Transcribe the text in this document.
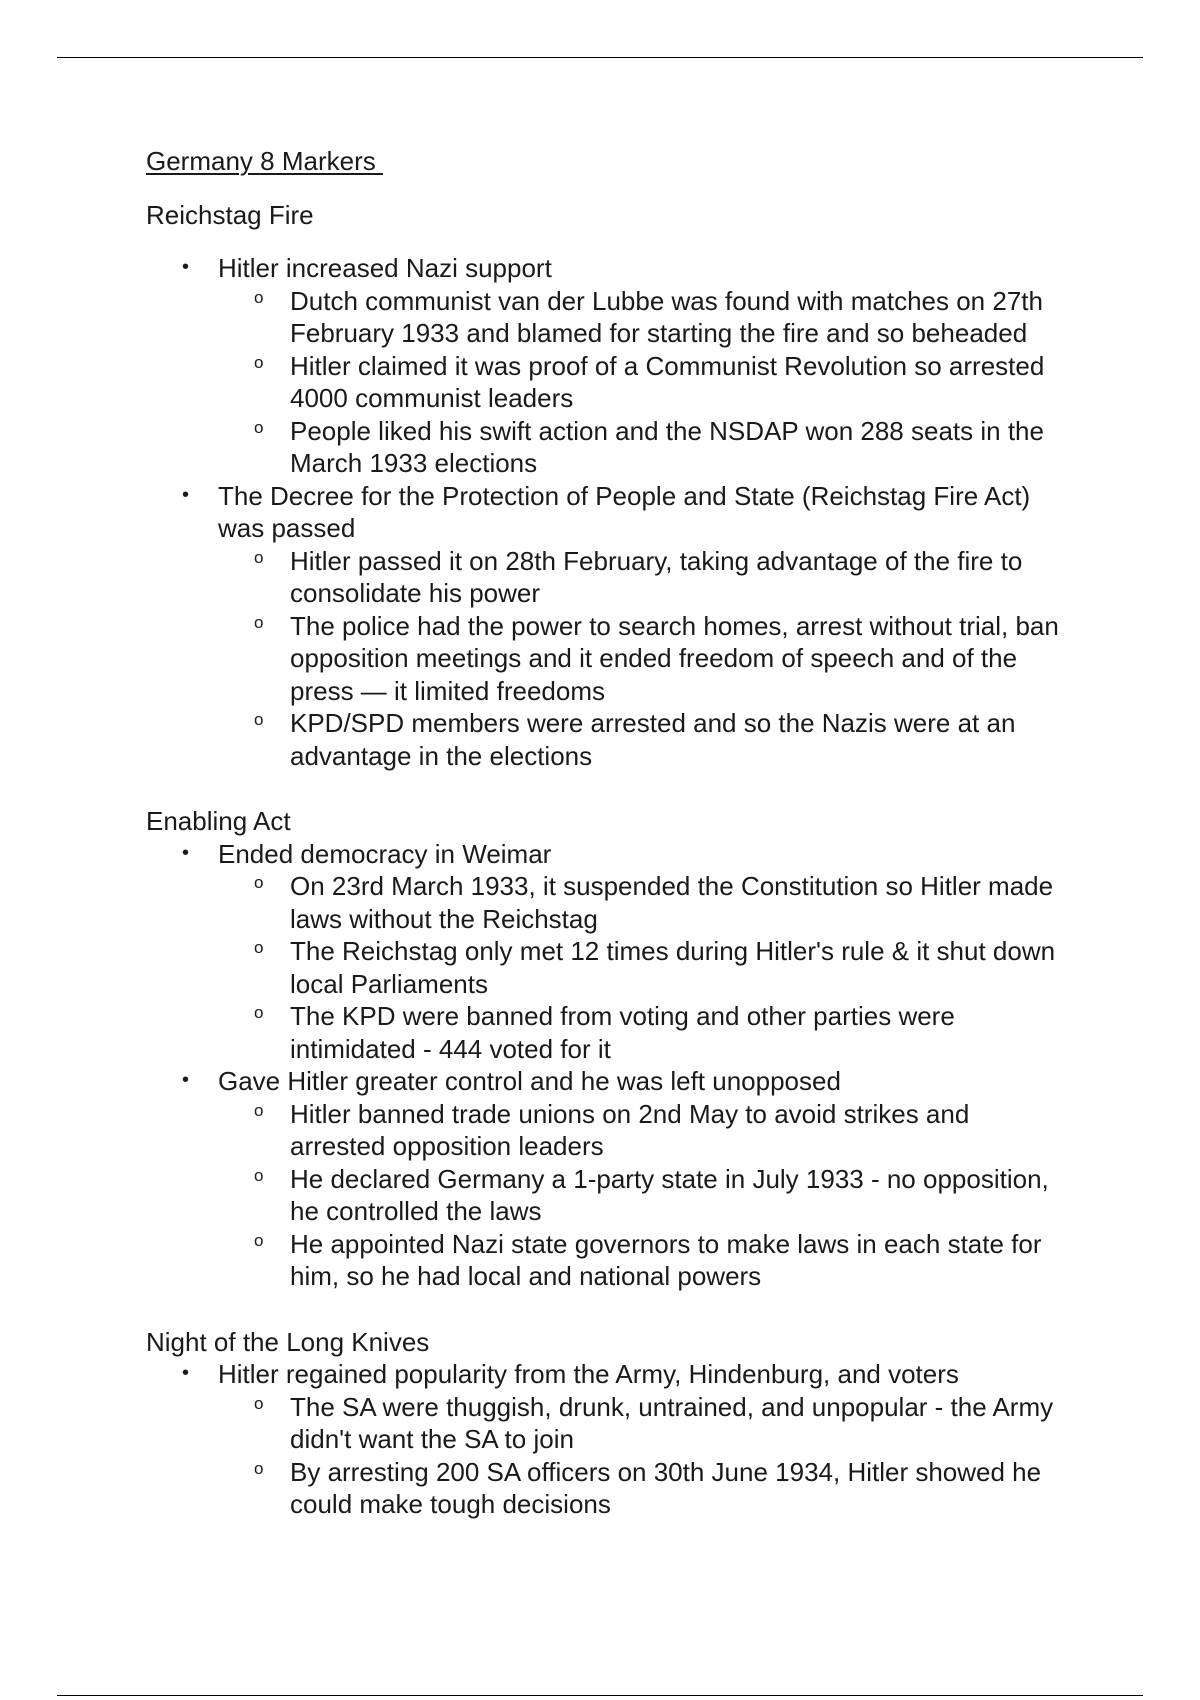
Germany 8 Markers
Reichstag Fire
• Hitler increased Nazi support
o Dutch communist van der Lubbe was found with matches on 27th February 1933 and blamed for starting the fire and so beheaded
o Hitler claimed it was proof of a Communist Revolution so arrested 4000 communist leaders
o People liked his swift action and the NSDAP won 288 seats in the March 1933 elections
• The Decree for the Protection of People and State (Reichstag Fire Act) was passed
o Hitler passed it on 28th February, taking advantage of the fire to consolidate his power
o The police had the power to search homes, arrest without trial, ban opposition meetings and it ended freedom of speech and of the press — it limited freedoms
o KPD/SPD members were arrested and so the Nazis were at an advantage in the elections
Enabling Act
• Ended democracy in Weimar
o On 23rd March 1933, it suspended the Constitution so Hitler made laws without the Reichstag
o The Reichstag only met 12 times during Hitler's rule & it shut down local Parliaments
o The KPD were banned from voting and other parties were intimidated - 444 voted for it
• Gave Hitler greater control and he was left unopposed
o Hitler banned trade unions on 2nd May to avoid strikes and arrested opposition leaders
o He declared Germany a 1-party state in July 1933 - no opposition, he controlled the laws
o He appointed Nazi state governors to make laws in each state for him, so he had local and national powers
Night of the Long Knives
• Hitler regained popularity from the Army, Hindenburg, and voters
o The SA were thuggish, drunk, untrained, and unpopular - the Army didn't want the SA to join
o By arresting 200 SA officers on 30th June 1934, Hitler showed he could make tough decisions
